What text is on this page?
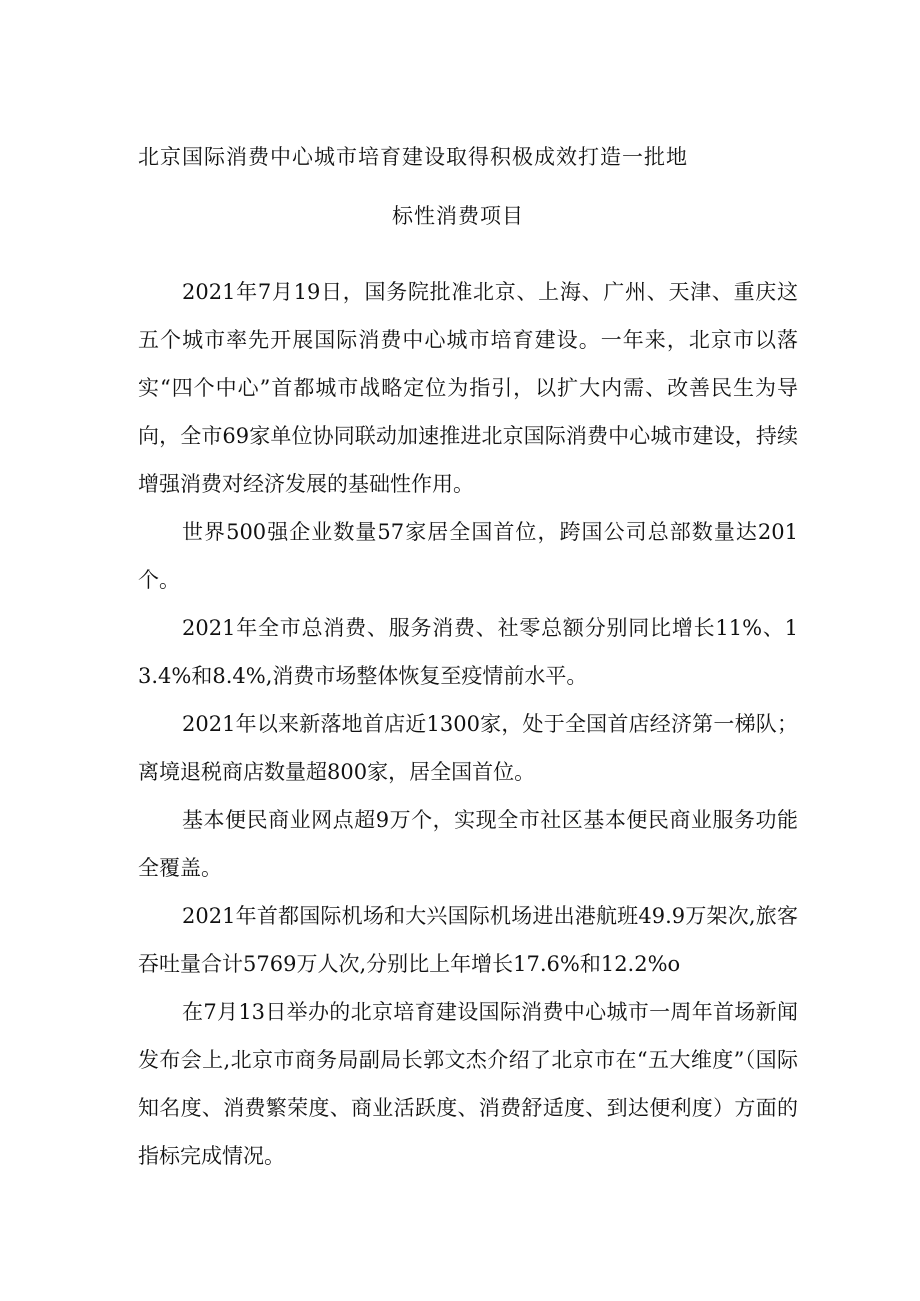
北京国际消费中心城市培育建设取得积极成效打造一批地
标性消费项目

2021年7月19日，国务院批准北京、上海、广州、天津、重庆这五个城市率先开展国际消费中心城市培育建设。一年来，北京市以落实“四个中心”首都城市战略定位为指引，以扩大内需、改善民生为导向，全市69家单位协同联动加速推进北京国际消费中心城市建设，持续增强消费对经济发展的基础性作用。

世界500强企业数量57家居全国首位，跨国公司总部数量达201个。

2021年全市总消费、服务消费、社零总额分别同比增长11%、13.4%和8.4%,消费市场整体恢复至疫情前水平。

2021年以来新落地首店近1300家，处于全国首店经济第一梯队；离境退税商店数量超800家，居全国首位。

基本便民商业网点超9万个，实现全市社区基本便民商业服务功能全覆盖。

2021年首都国际机场和大兴国际机场进出港航班49.9万架次,旅客吞吐量合计5769万人次,分别比上年增长17.6%和12.2%o

在7月13日举办的北京培育建设国际消费中心城市一周年首场新闻发布会上,北京市商务局副局长郭文杰介绍了北京市在“五大维度”（国际知名度、消费繁荣度、商业活跃度、消费舒适度、到达便利度）方面的指标完成情况。
